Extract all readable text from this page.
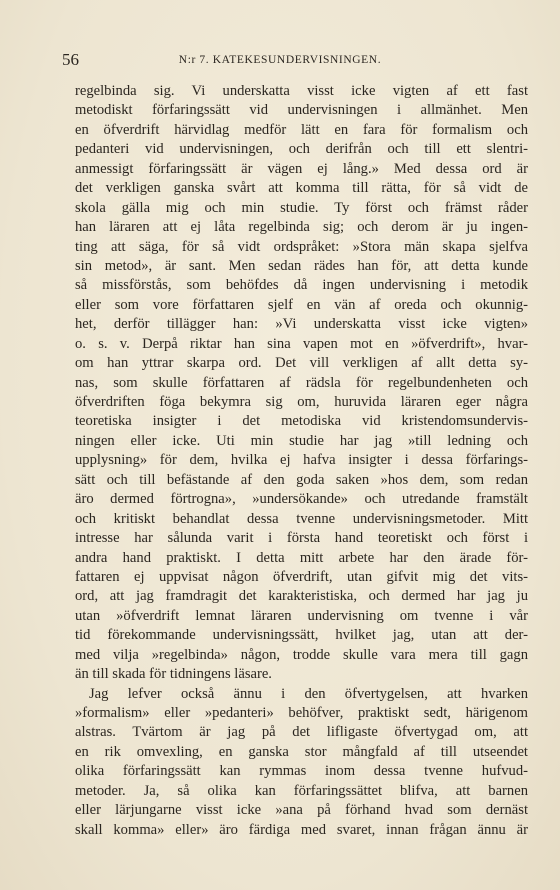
56	N:r 7. KATEKESUNDERVISNINGEN.
regelbinda sig. Vi underskatta visst icke vigten af ett fast
metodiskt förfaringssätt vid undervisningen i allmänhet. Men
en öfverdrift härvidlag medför lätt en fara för formalism och
pedanteri vid undervisningen, och derifrån och till ett slentri-
anmessigt förfaringssätt är vägen ej lång.» Med dessa ord är
det verkligen ganska svårt att komma till rätta, för så vidt de
skola gälla mig och min studie. Ty först och främst råder
han läraren att ej låta regelbinda sig; och derom är ju ingen-
ting att säga, för så vidt ordspråket: »Stora män skapa sjelfva
sin metod», är sant. Men sedan rädes han för, att detta kunde
så missförstås, som behöfdes då ingen undervisning i metodik
eller som vore författaren sjelf en vän af oreda och okunnig-
het, derför tillägger han: »Vi underskatta visst icke vigten»
o. s. v. Derpå riktar han sina vapen mot en »öfverdrift», hvar-
om han yttrar skarpa ord. Det vill verkligen af allt detta sy-
nas, som skulle författaren af rädsla för regelbundenheten och
öfverdriften föga bekymra sig om, huruvida läraren eger några
teoretiska insigter i det metodiska vid kristendomsundervis-
ningen eller icke. Uti min studie har jag »till ledning och
upplysning» för dem, hvilka ej hafva insigter i dessa förfarings-
sätt och till befästande af den goda saken »hos dem, som redan
äro dermed förtrogna», »undersökande» och utredande framstält
och kritiskt behandlat dessa tvenne undervisningsmetoder. Mitt
intresse har sålunda varit i första hand teoretiskt och först i
andra hand praktiskt. I detta mitt arbete har den ärade för-
fattaren ej uppvisat någon öfverdrift, utan gifvit mig det vits-
ord, att jag framdragit det karakteristiska, och dermed har jag ju
utan »öfverdrift lemnat läraren undervisning om tvenne i vår
tid förekommande undervisningssätt, hvilket jag, utan att der-
med vilja »regelbinda» någon, trodde skulle vara mera till gagn
än till skada för tidningens läsare.
Jag lefver också ännu i den öfvertygelsen, att hvarken
»formalism» eller »pedanteri» behöfver, praktiskt sedt, härigenom
alstras. Tvärtom är jag på det lifligaste öfvertygad om, att
en rik omvexling, en ganska stor mångfald af till utseendet
olika förfaringssätt kan rymmas inom dessa tvenne hufvud-
metoder. Ja, så olika kan förfaringssättet blifva, att barnen
eller lärjungarne visst icke »ana på förhand hvad som dernäst
skall komma» eller» äro färdiga med svaret, innan frågan ännu är
